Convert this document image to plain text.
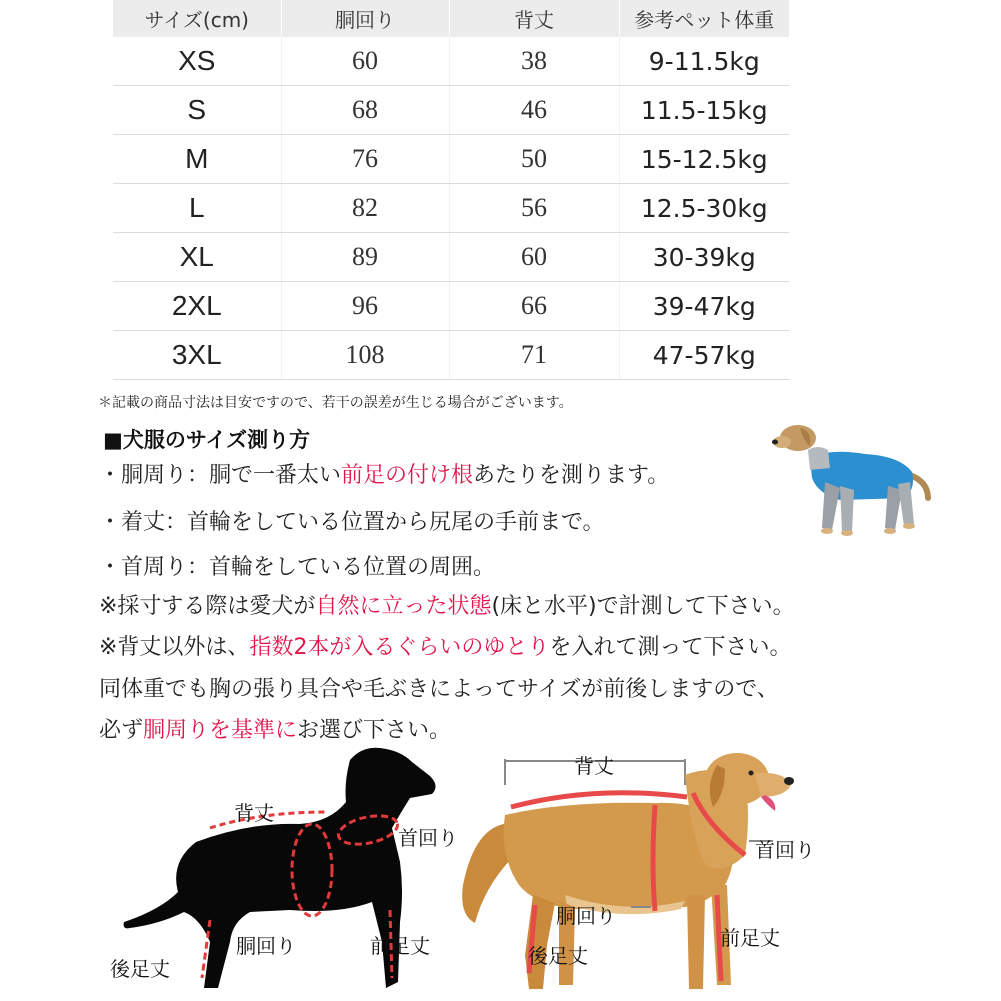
サイズ(cm)	胴回り	背丈	参考ペット体重
XS	60	38	9-11.5kg
S	68	46	11.5-15kg
M	76	50	15-12.5kg
L	82	56	12.5-30kg
XL	89	60	30-39kg
2XL	96	66	39-47kg
3XL	108	71	47-57kg
＊記載の商品寸法は目安ですので、若干の誤差が生じる場合がございます。
■犬服のサイズ測り方
・胴周り：胴で一番太い前足の付け根あたりを測ります。
・着丈：首輪をしている位置から尻尾の手前まで。
・首周り：首輪をしている位置の周囲。
※採寸する際は愛犬が自然に立った状態(床と水平)で計測して下さい。
※背丈以外は、指数2本が入るぐらいのゆとりを入れて測って下さい。
同体重でも胸の張り具合や毛ぶきによってサイズが前後しますので、
必ず胴周りを基準にお選び下さい。
背丈
首回り
胴回り	前足丈
後足丈
背丈
首回り
胴回り
前足丈
後足丈
